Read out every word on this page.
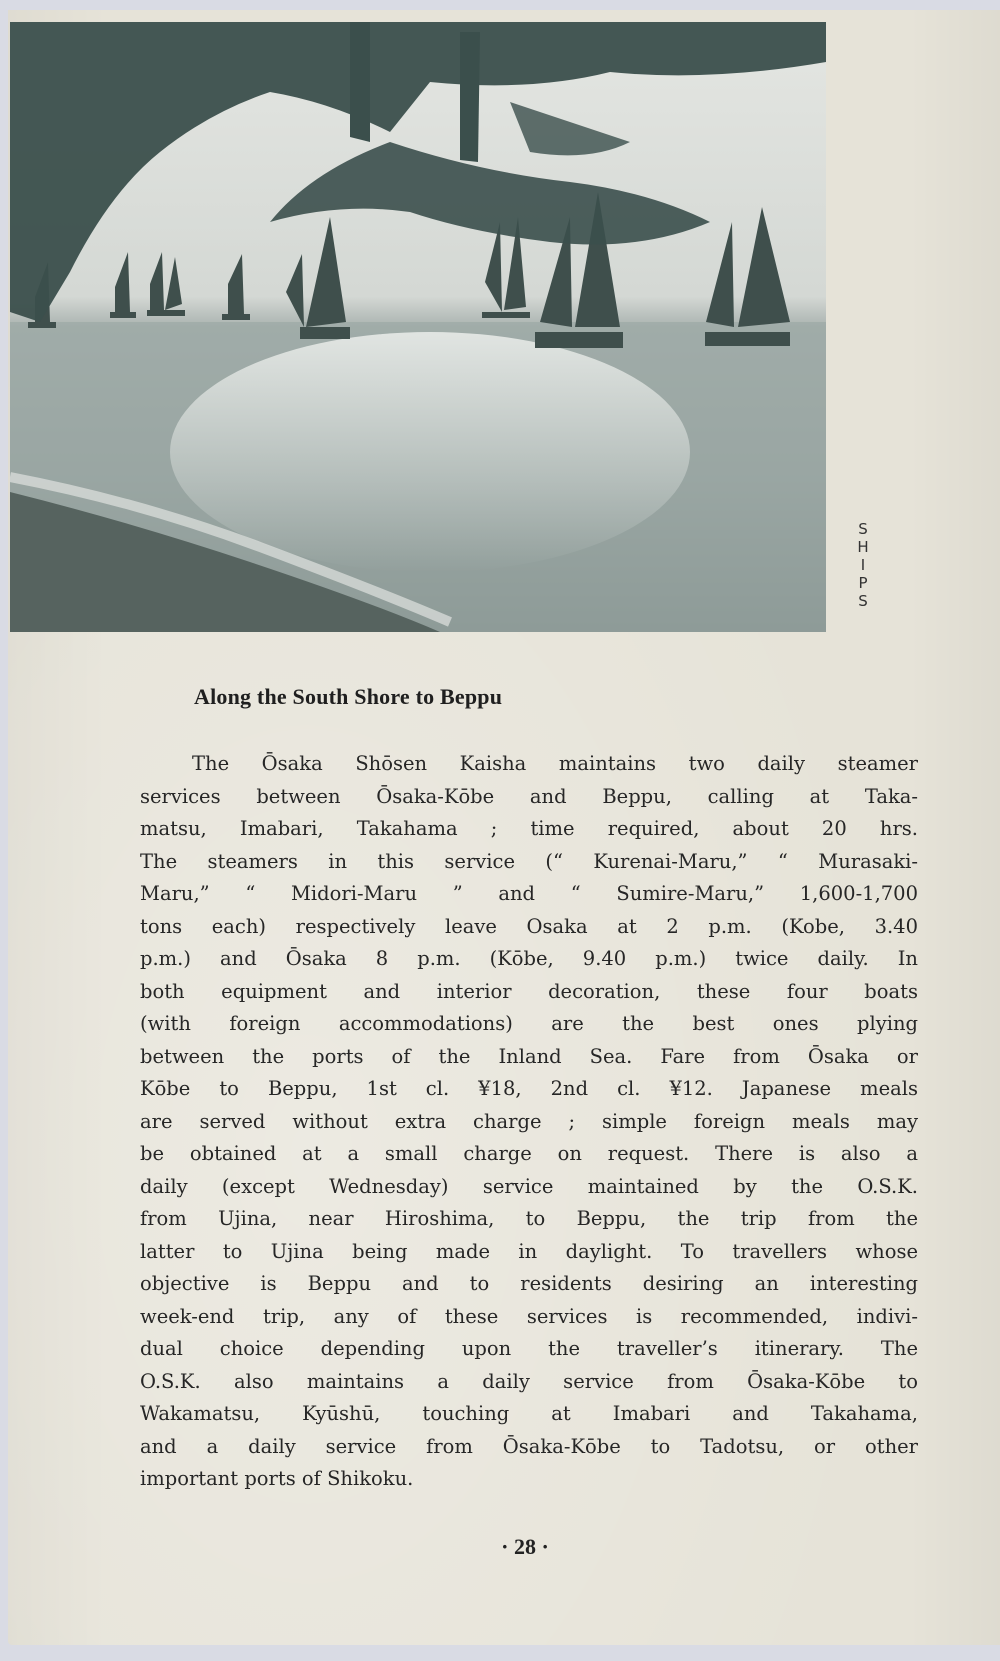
S
H
I
P
S
Along the South Shore to Beppu
The Ōsaka Shōsen Kaisha maintains two daily steamer
services between Ōsaka-Kōbe and Beppu, calling at Taka-
matsu, Imabari, Takahama ; time required, about 20 hrs.
The steamers in this service (“ Kurenai-Maru,” “ Murasaki-
Maru,” “ Midori-Maru ” and “ Sumire-Maru,” 1,600-1,700
tons each) respectively leave Osaka at 2 p.m. (Kobe, 3.40
p.m.) and Ōsaka 8 p.m. (Kōbe, 9.40 p.m.) twice daily. In
both equipment and interior decoration, these four boats
(with foreign accommodations) are the best ones plying
between the ports of the Inland Sea. Fare from Ōsaka or
Kōbe to Beppu, 1st cl. ¥18, 2nd cl. ¥12. Japanese meals
are served without extra charge ; simple foreign meals may
be obtained at a small charge on request. There is also a
daily (except Wednesday) service maintained by the O.S.K.
from Ujina, near Hiroshima, to Beppu, the trip from the
latter to Ujina being made in daylight. To travellers whose
objective is Beppu and to residents desiring an interesting
week-end trip, any of these services is recommended, indivi-
dual choice depending upon the traveller’s itinerary. The
O.S.K. also maintains a daily service from Ōsaka-Kōbe to
Wakamatsu, Kyūshū, touching at Imabari and Takahama,
and a daily service from Ōsaka-Kōbe to Tadotsu, or other
important ports of Shikoku.
· 28 ·
